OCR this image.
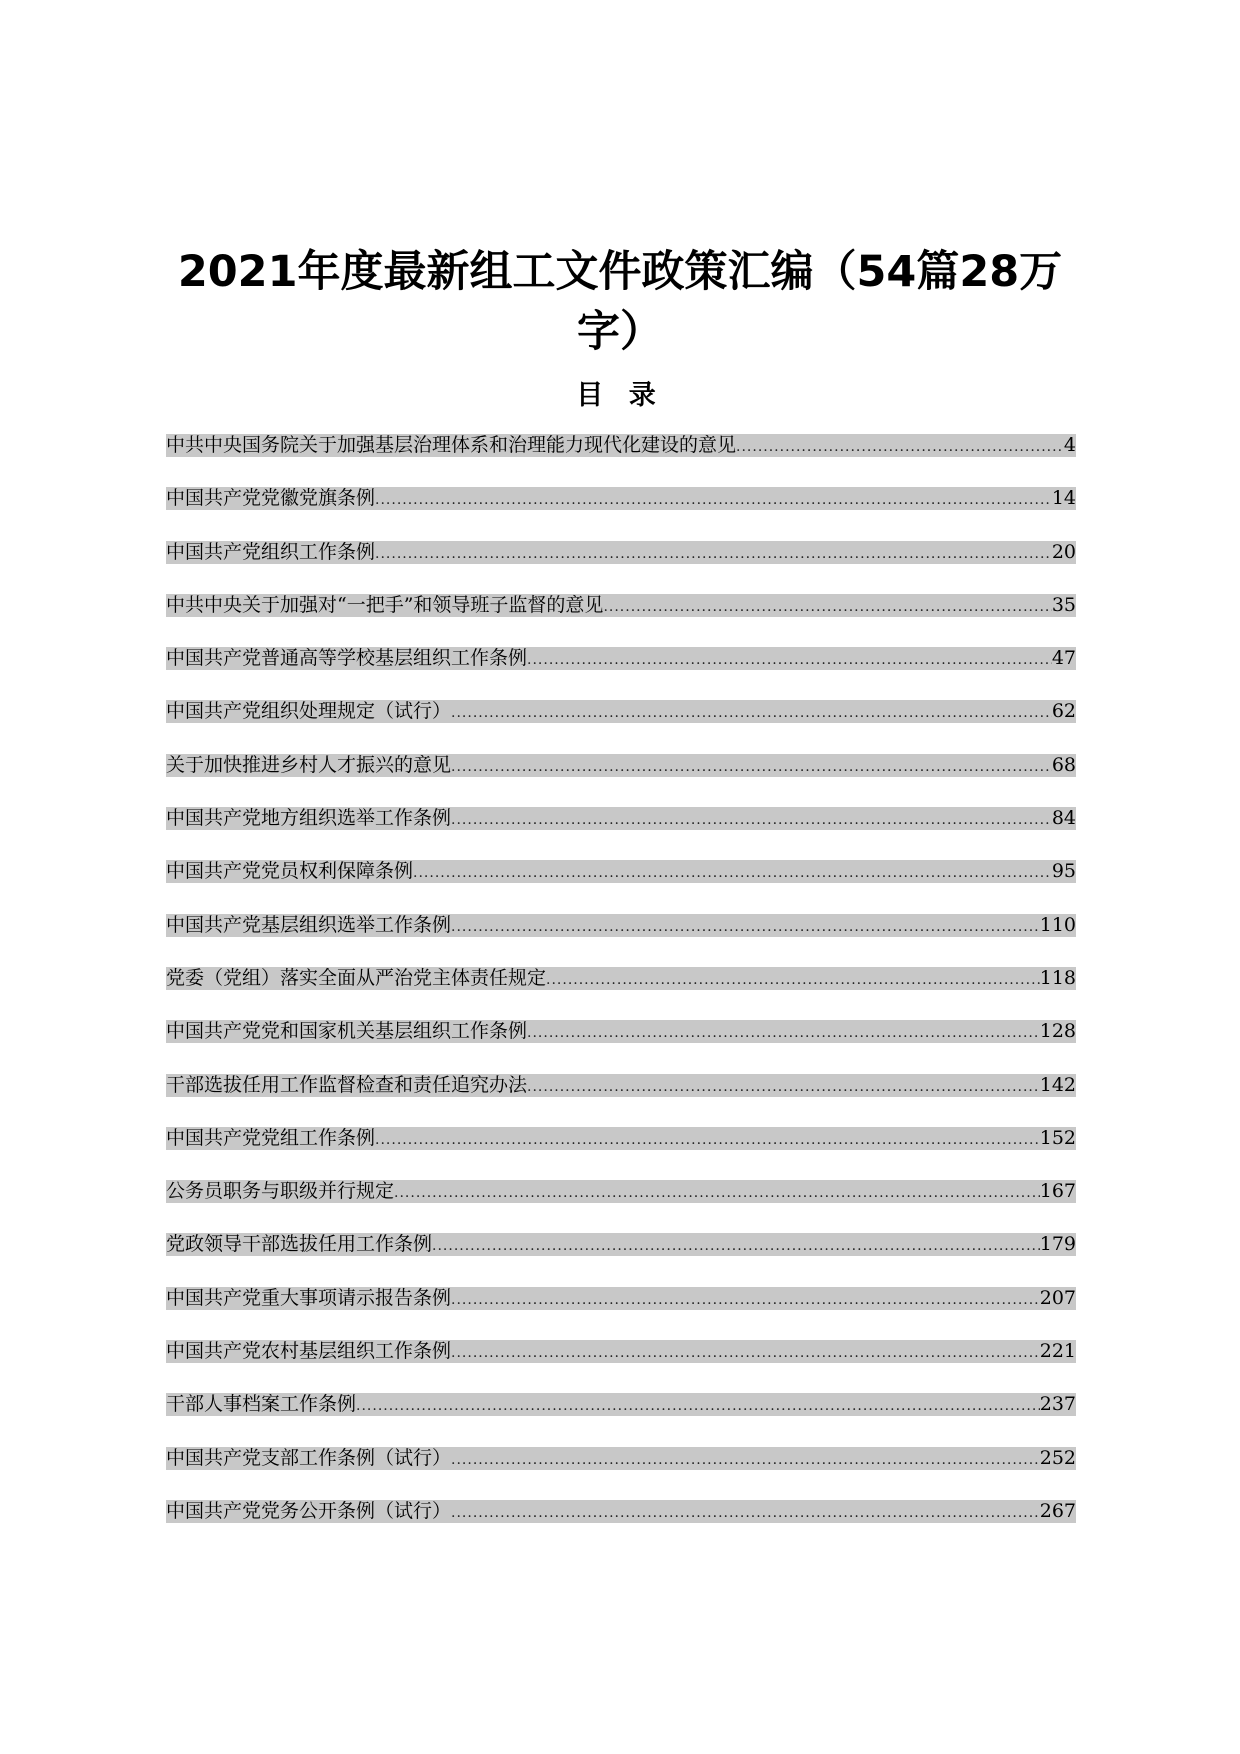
2021年度最新组工文件政策汇编（54篇28万字）
目 录
中共中央国务院关于加强基层治理体系和治理能力现代化建设的意见 .....	4
中国共产党党徽党旗条例 .....	14
中国共产党组织工作条例 .....	20
中共中央关于加强对“一把手”和领导班子监督的意见 .....	35
中国共产党普通高等学校基层组织工作条例 .....	47
中国共产党组织处理规定（试行） .....	62
关于加快推进乡村人才振兴的意见 .....	68
中国共产党地方组织选举工作条例 .....	84
中国共产党党员权利保障条例 .....	95
中国共产党基层组织选举工作条例 .....	110
党委（党组）落实全面从严治党主体责任规定 .....	118
中国共产党党和国家机关基层组织工作条例 .....	128
干部选拔任用工作监督检查和责任追究办法 .....	142
中国共产党党组工作条例 .....	152
公务员职务与职级并行规定 .....	167
党政领导干部选拔任用工作条例 .....	179
中国共产党重大事项请示报告条例 .....	207
中国共产党农村基层组织工作条例 .....	221
干部人事档案工作条例 .....	237
中国共产党支部工作条例（试行） .....	252
中国共产党党务公开条例（试行） .....	267
